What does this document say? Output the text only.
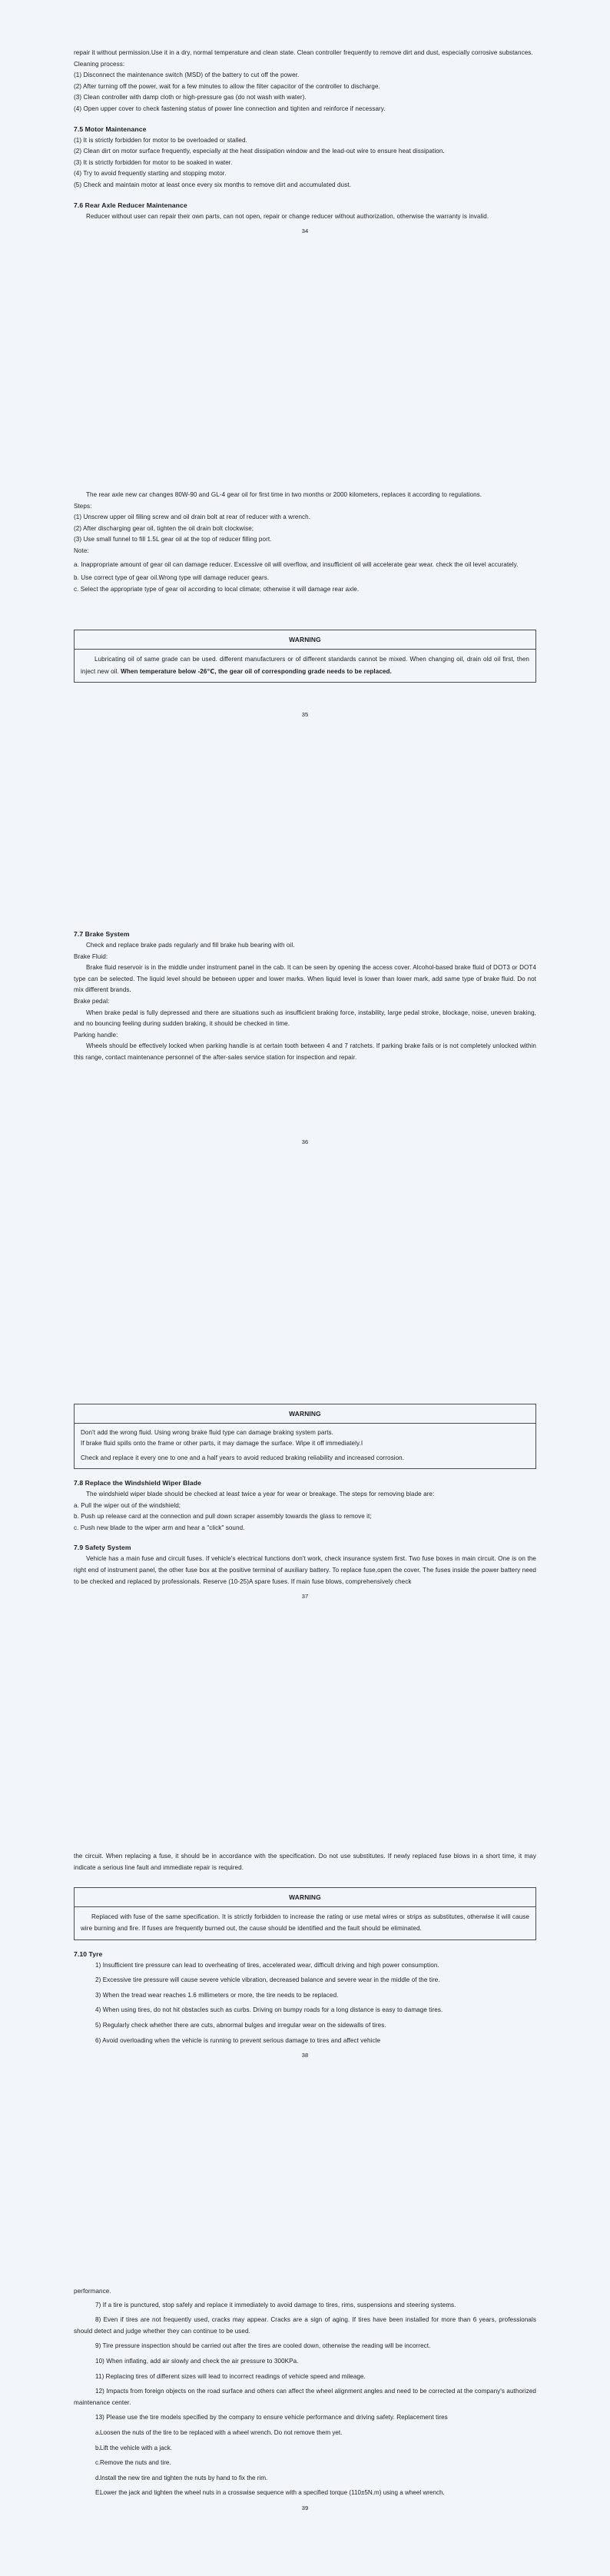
repair it without permission.Use it in a dry, normal temperature and clean state. Clean controller frequently to remove dirt and dust, especially corrosive substances.

Cleaning process:

(1) Disconnect the maintenance switch (MSD) of the battery to cut off the power.

(2) After turning off the power, wait for a few minutes to allow the filter capacitor of the controller to discharge.

(3) Clean controller with damp cloth or high-pressure gas (do not wash with water).

(4) Open upper cover to check fastening status of power line connection and tighten and reinforce if necessary.

7.5 Motor Maintenance

(1) It is strictly forbidden for motor to be overloaded or stalled.

(2) Clean dirt on motor surface frequently, especially at the heat dissipation window and the lead-out wire to ensure heat dissipation.

(3) It is strictly forbidden for motor to be soaked in water.

(4) Try to avoid frequently starting and stopping motor.

(5) Check and maintain motor at least once every six months to remove dirt and accumulated dust.

7.6 Rear Axle Reducer Maintenance

Reducer without user can repair their own parts, can not open, repair or change reducer without authorization, otherwise the warranty is invalid.

34

The rear axle new car changes 80W-90 and GL-4 gear oil for first time in two months or 2000 kilometers, replaces it according to regulations.

Steps:

(1) Unscrew upper oil filling screw and oil drain bolt at rear of reducer with a wrench.

(2) After discharging gear oil, tighten the oil drain bolt clockwise;

(3) Use small funnel to fill 1.5L gear oil at the top of reducer filling port.

Note:

a. Inappropriate amount of gear oil can damage reducer. Excessive oil will overflow, and insufficient oil will accelerate gear wear. check the oil level accurately.

b. Use correct type of gear oil.Wrong type will damage reducer gears.

c. Select the appropriate type of gear oil according to local climate; otherwise it will damage rear axle.

WARNING

Lubricating oil of same grade can be used. different manufacturers or of different standards cannot be mixed. When changing oil, drain old oil first, then inject new oil. When temperature below -26℃, the gear oil of corresponding grade needs to be replaced.

35

7.7 Brake System

Check and replace brake pads regularly and fill brake hub bearing with oil.

Brake Fluid:

Brake fluid reservoir is in the middle under instrument panel in the cab. It can be seen by opening the access cover. Alcohol-based brake fluid of DOT3 or DOT4 type can be selected. The liquid level should be between upper and lower marks. When liquid level is lower than lower mark, add same type of brake fluid. Do not mix different brands.

Brake pedal:

When brake pedal is fully depressed and there are situations such as insufficient braking force, instability, large pedal stroke, blockage, noise, uneven braking, and no bouncing feeling during sudden braking, it should be checked in time.

Parking handle:

Wheels should be effectively locked when parking handle is at certain tooth between 4 and 7 ratchets. If parking brake fails or is not completely unlocked within this range, contact maintenance personnel of the after-sales service station for inspection and repair.

36

WARNING

Don't add the wrong fluid. Using wrong brake fluid type can damage braking system parts.

If brake fluid spills onto the frame or other parts, it may damage the surface. Wipe it off immediately.I

Check and replace it every one to one and a half years to avoid reduced braking reliability and increased corrosion.

7.8 Replace the Windshield Wiper Blade

The windshield wiper blade should be checked at least twice a year for wear or breakage. The steps for removing blade are:

a. Pull the wiper out of the windshield;

b. Push up release card at the connection and pull down scraper assembly towards the glass to remove it;

c. Push new blade to the wiper arm and hear a "click" sound.

7.9 Safety System

Vehicle has a main fuse and circuit fuses. If vehicle's electrical functions don't work, check insurance system first. Two fuse boxes in main circuit. One is on the right end of instrument panel, the other fuse box at the positive terminal of auxiliary battery. To replace fuse,open the cover. The fuses inside the power battery need to be checked and replaced by professionals. Reserve (10-25)A spare fuses. If main fuse blows, comprehensively check

37

the circuit. When replacing a fuse, it should be in accordance with the specification. Do not use substitutes. If newly replaced fuse blows in a short time, it may indicate a serious line fault and immediate repair is required.

WARNING

Replaced with fuse of the same specification. It is strictly forbidden to increase the rating or use metal wires or strips as substitutes, otherwise it will cause wire burning and fire. If fuses are frequently burned out, the cause should be identified and the fault should be eliminated.

7.10 Tyre

1) Insufficient tire pressure can lead to overheating of tires, accelerated wear, difficult driving and high power consumption.

2) Excessive tire pressure will cause severe vehicle vibration, decreased balance and severe wear in the middle of the tire.

3) When the tread wear reaches 1.6 millimeters or more, the tire needs to be replaced.

4) When using tires, do not hit obstacles such as curbs. Driving on bumpy roads for a long distance is easy to damage tires.

5) Regularly check whether there are cuts, abnormal bulges and irregular wear on the sidewalls of tires.

6) Avoid overloading when the vehicle is running to prevent serious damage to tires and affect vehicle

38

performance.

7) If a tire is punctured, stop safely and replace it immediately to avoid damage to tires, rims, suspensions and steering systems.

8) Even if tires are not frequently used, cracks may appear. Cracks are a sign of aging. If tires have been installed for more than 6 years, professionals should detect and judge whether they can continue to be used.

9) Tire pressure inspection should be carried out after the tires are cooled down, otherwise the reading will be incorrect.

10) When inflating, add air slowly and check the air pressure to 300KPa.

11) Replacing tires of different sizes will lead to incorrect readings of vehicle speed and mileage.

12) Impacts from foreign objects on the road surface and others can affect the wheel alignment angles and need to be corrected at the company's authorized maintenance center.

13) Please use the tire models specified by the company to ensure vehicle performance and driving safety. Replacement tires

a. Loosen the nuts of the tire to be replaced with a wheel wrench. Do not remove them yet.
b. Lift the vehicle with a jack.
c. Remove the nuts and tire.
d. Install the new tire and tighten the nuts by hand to fix the rim.
E.
Lower the jack and tighten the wheel nuts in a crosswise sequence with a specified torque (110±5N.m) using a wheel wrench.

39
